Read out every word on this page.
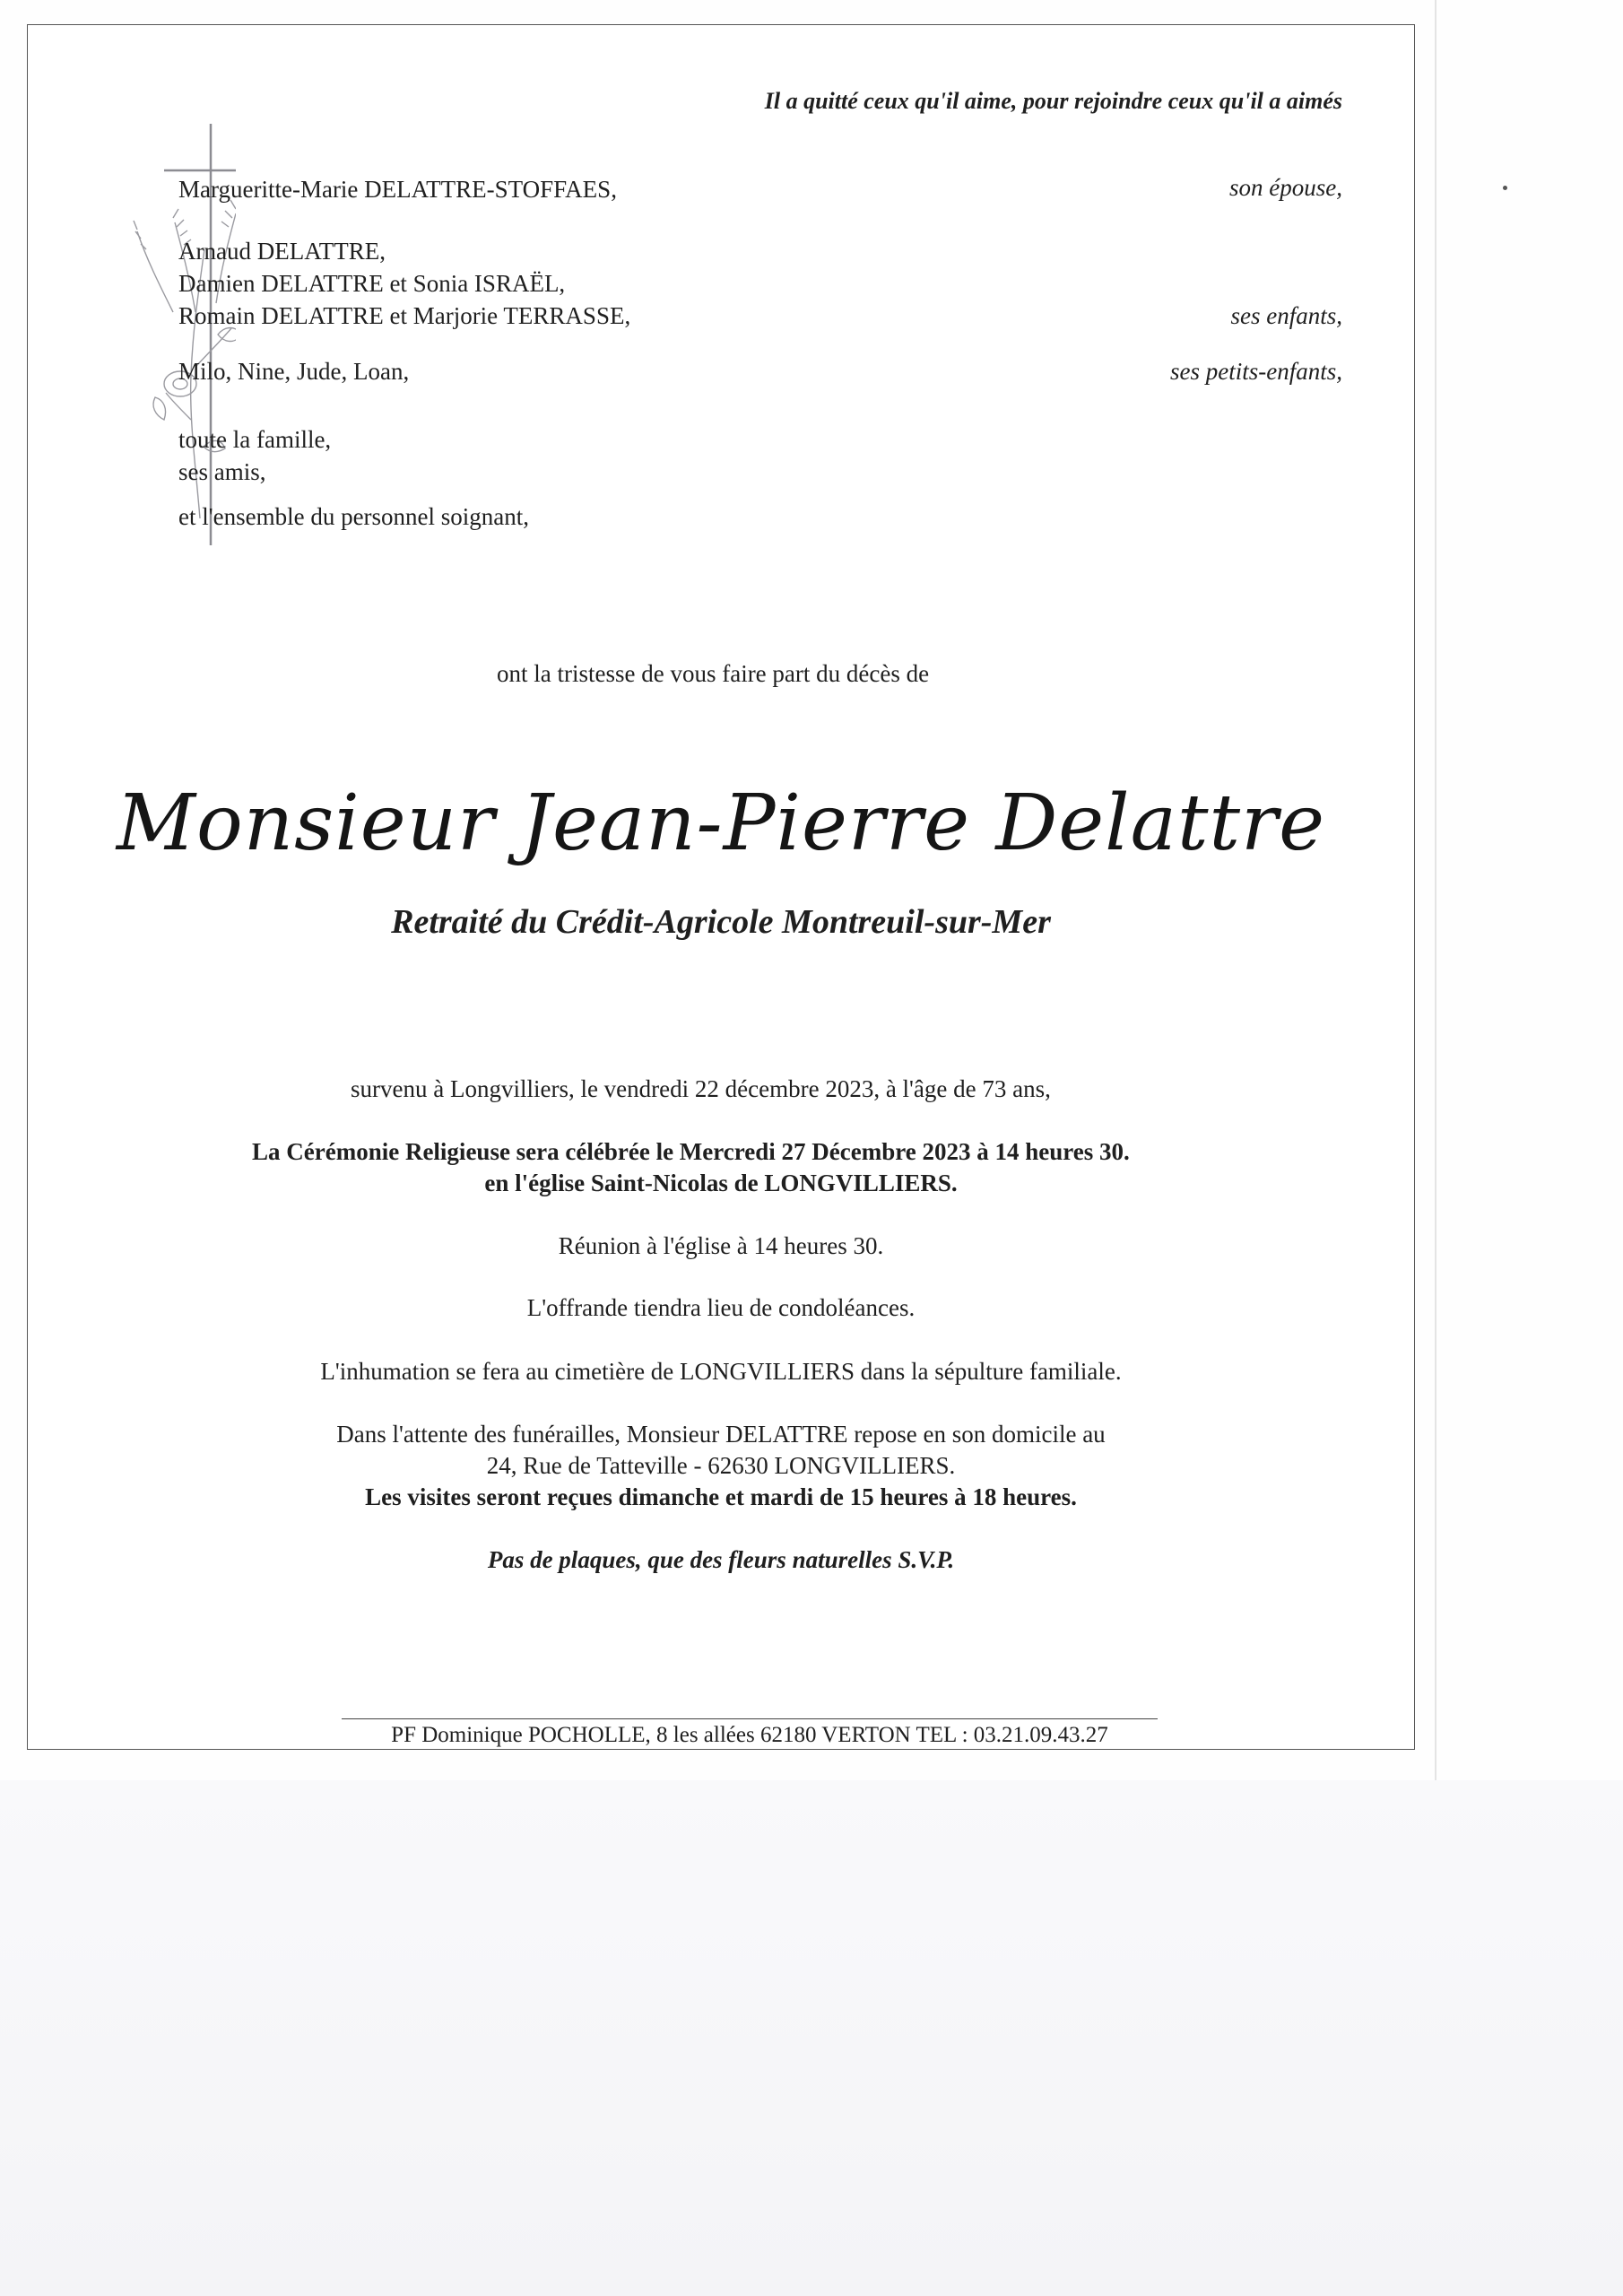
Il a quitté ceux qu'il aime, pour rejoindre ceux qu'il a aimés
Margueritte-Marie DELATTRE-STOFFAES,	son épouse,
Arnaud DELATTRE,
Damien DELATTRE et Sonia ISRAËL,
Romain DELATTRE et Marjorie TERRASSE,	ses enfants,
Milo, Nine, Jude, Loan,	ses petits-enfants,
toute la famille,
ses amis,
et l'ensemble du personnel soignant,
ont la tristesse de vous faire part du décès de
Monsieur Jean-Pierre Delattre
Retraité du Crédit-Agricole Montreuil-sur-Mer
survenu à Longvilliers, le vendredi 22 décembre 2023, à l'âge de 73 ans,
La Cérémonie Religieuse sera célébrée le Mercredi 27 Décembre 2023 à 14 heures 30.
en l'église Saint-Nicolas de LONGVILLIERS.
Réunion à l'église à 14 heures 30.
L'offrande tiendra lieu de condoléances.
L'inhumation se fera au cimetière de LONGVILLIERS dans la sépulture familiale.
Dans l'attente des funérailles, Monsieur DELATTRE repose en son domicile au
24, Rue de Tatteville - 62630 LONGVILLIERS.
Les visites seront reçues dimanche et mardi de 15 heures à 18 heures.
Pas de plaques, que des fleurs naturelles S.V.P.
PF Dominique POCHOLLE, 8 les allées 62180 VERTON TEL : 03.21.09.43.27
